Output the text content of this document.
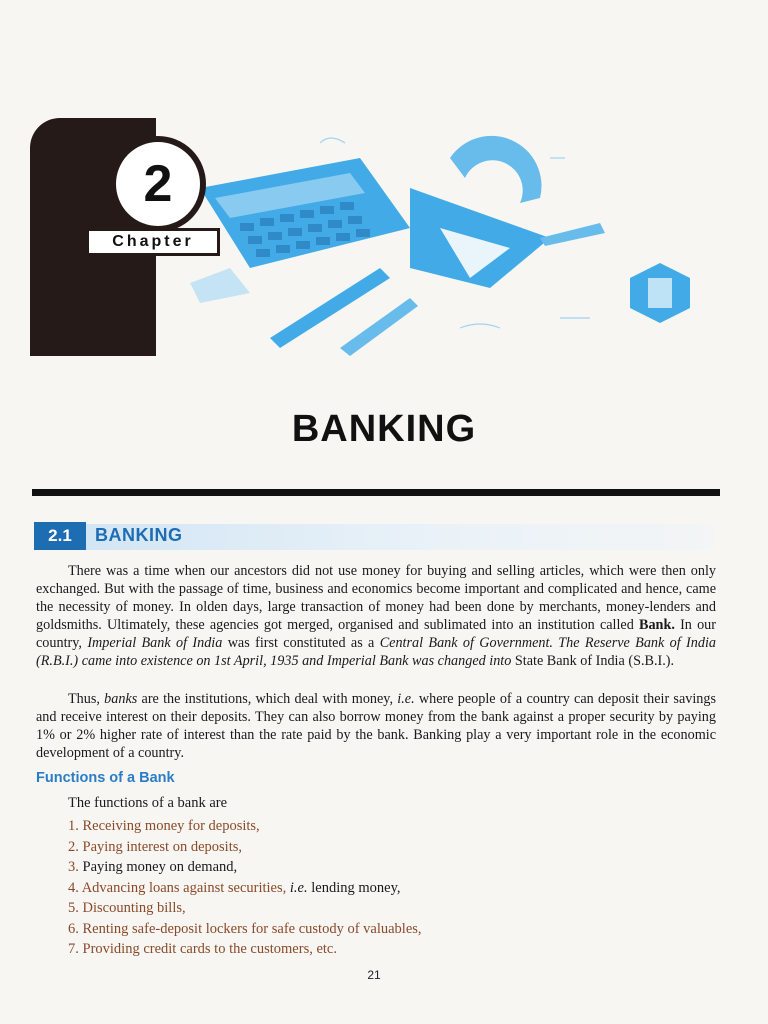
2
Chapter
BANKING
2.1	BANKING
There was a time when our ancestors did not use money for buying and selling articles, which were then only exchanged. But with the passage of time, business and economics become important and complicated and hence, came the necessity of money. In olden days, large transaction of money had been done by merchants, money-lenders and goldsmiths. Ultimately, these agencies got merged, organised and sublimated into an institution called Bank. In our country, Imperial Bank of India was first constituted as a Central Bank of Government. The Reserve Bank of India (R.B.I.) came into existence on 1st April, 1935 and Imperial Bank was changed into State Bank of India (S.B.I.).
Thus, banks are the institutions, which deal with money, i.e. where people of a country can deposit their savings and receive interest on their deposits. They can also borrow money from the bank against a proper security by paying 1% or 2% higher rate of interest than the rate paid by the bank. Banking play a very important role in the economic development of a country.
Functions of a Bank
The functions of a bank are
1. Receiving money for deposits,
2. Paying interest on deposits,
3. Paying money on demand,
4. Advancing loans against securities, i.e. lending money,
5. Discounting bills,
6. Renting safe-deposit lockers for safe custody of valuables,
7. Providing credit cards to the customers, etc.
21
